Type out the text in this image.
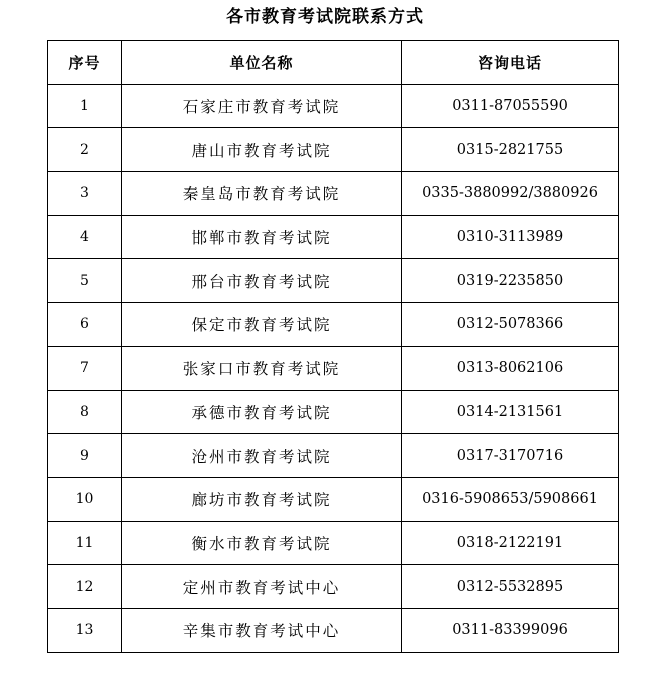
各市教育考试院联系方式
序号	单位名称	咨询电话
1	石家庄市教育考试院	0311-87055590
2	唐山市教育考试院	0315-2821755
3	秦皇岛市教育考试院	0335-3880992/3880926
4	邯郸市教育考试院	0310-3113989
5	邢台市教育考试院	0319-2235850
6	保定市教育考试院	0312-5078366
7	张家口市教育考试院	0313-8062106
8	承德市教育考试院	0314-2131561
9	沧州市教育考试院	0317-3170716
10	廊坊市教育考试院	0316-5908653/5908661
11	衡水市教育考试院	0318-2122191
12	定州市教育考试中心	0312-5532895
13	辛集市教育考试中心	0311-83399096
